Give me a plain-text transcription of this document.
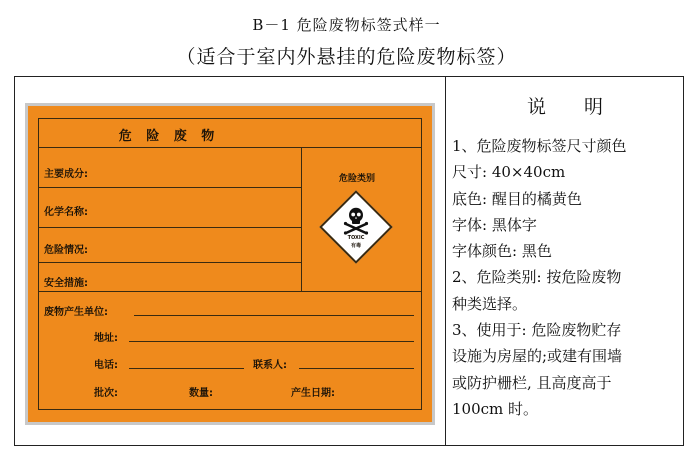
B－1 危险废物标签式样一
（适合于室内外悬挂的危险废物标签）
危 险 废 物
主要成分:
化学名称:
危险情况:
安全措施:
危险类别
TOXIC
有毒
废物产生单位:
地址:
电话:	联系人:
批次:	数量:	产生日期:
说 明
1、危险废物标签尺寸颜色
尺寸: 40×40cm
底色: 醒目的橘黄色
字体: 黑体字
字体颜色: 黑色
2、危险类别: 按危险废物
种类选择。
3、使用于: 危险废物贮存
设施为房屋的;或建有围墙
或防护栅栏, 且高度高于
100cm 时。
